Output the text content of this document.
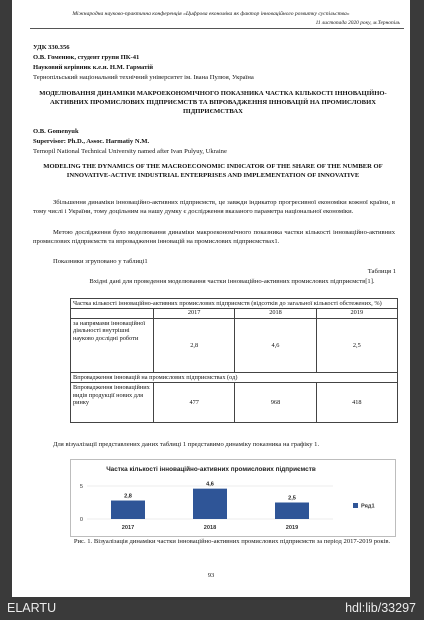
Міжнародна науково-практична конференція «Цифрова економіка як фактор інноваційного розвитку суспільства»
11 листопада 2020 року, м.Тернопіль
УДК 330.356
О.В. Гоменюк, студент групи ПК-41
Науковий керівник к.е.н. Н.М. Гарматій
Тернопільський національний технічний університет ім. Івана Пулюя, Україна
МОДЕЛЮВАННЯ ДИНАМІКИ МАКРОЕКОНОМІЧНОГО ПОКАЗНИКА ЧАСТКА КІЛЬКОСТІ ІННОВАЦІЙНО-АКТИВНИХ ПРОМИСЛОВИХ ПІДПРИЄМСТВ ТА ВПРОВАДЖЕННЯ ІННОВАЦІЙ НА ПРОМИСЛОВИХ ПІДПРИЄМСТВАХ
O.B. Gomenyuk
Supervisor: Ph.D., Assoc. Harmatiy N.M.
Ternopil National Technical University named after Ivan Pulyuy, Ukraine
MODELING THE DYNAMICS OF THE MACROECONOMIC INDICATOR OF THE SHARE OF THE NUMBER OF INNOVATIVE-ACTIVE INDUSTRIAL ENTERPRISES AND IMPLEMENTATION OF INNOVATIVE
Збільшення динаміки інноваційно-активних підприємств, це завжди індикатор прогресивної економіки кожної країни, в тому числі і України, тому доцільним на нашу думку є дослідження вказаного параметра національної економіки.
Метою дослідження було моделювання динаміки макроекономічного показника частки кількості інноваційно-активних промислових підприємств та впровадження інновацій на промислових підприємствах1.
Показники згруповано у таблиці1
Таблиця 1
Вхідні дані для проведення моделювання частки інноваційно-активних промислових підприємств[1].
Частка кількості інноваційно-активних промислових підприємств (відсотків до загальної кількості обстежених, %)			
	2017	2018	2019
за напрямами інноваційної діяльності внутрішні науково дослідні роботи	2,8	4,6	2,5
Впровадження інновацій на промислових підприємствах (од)			
Впровадження інноваційних видів продукції нових для ринку	477	968	418
Для візуалізації представлених даних таблиці 1 представимо динаміку показника на графіку 1.
Частка кількості інноваційно-активних промислових підприємств
0
5
2,8
2017
4,6
2018
2,5
2019
Ряд1
Рис. 1. Візуалізація динаміки частки інноваційно-активних промислових підприємств за період 2017-2019 років.
93
ELARTU	hdl:lib/33297
